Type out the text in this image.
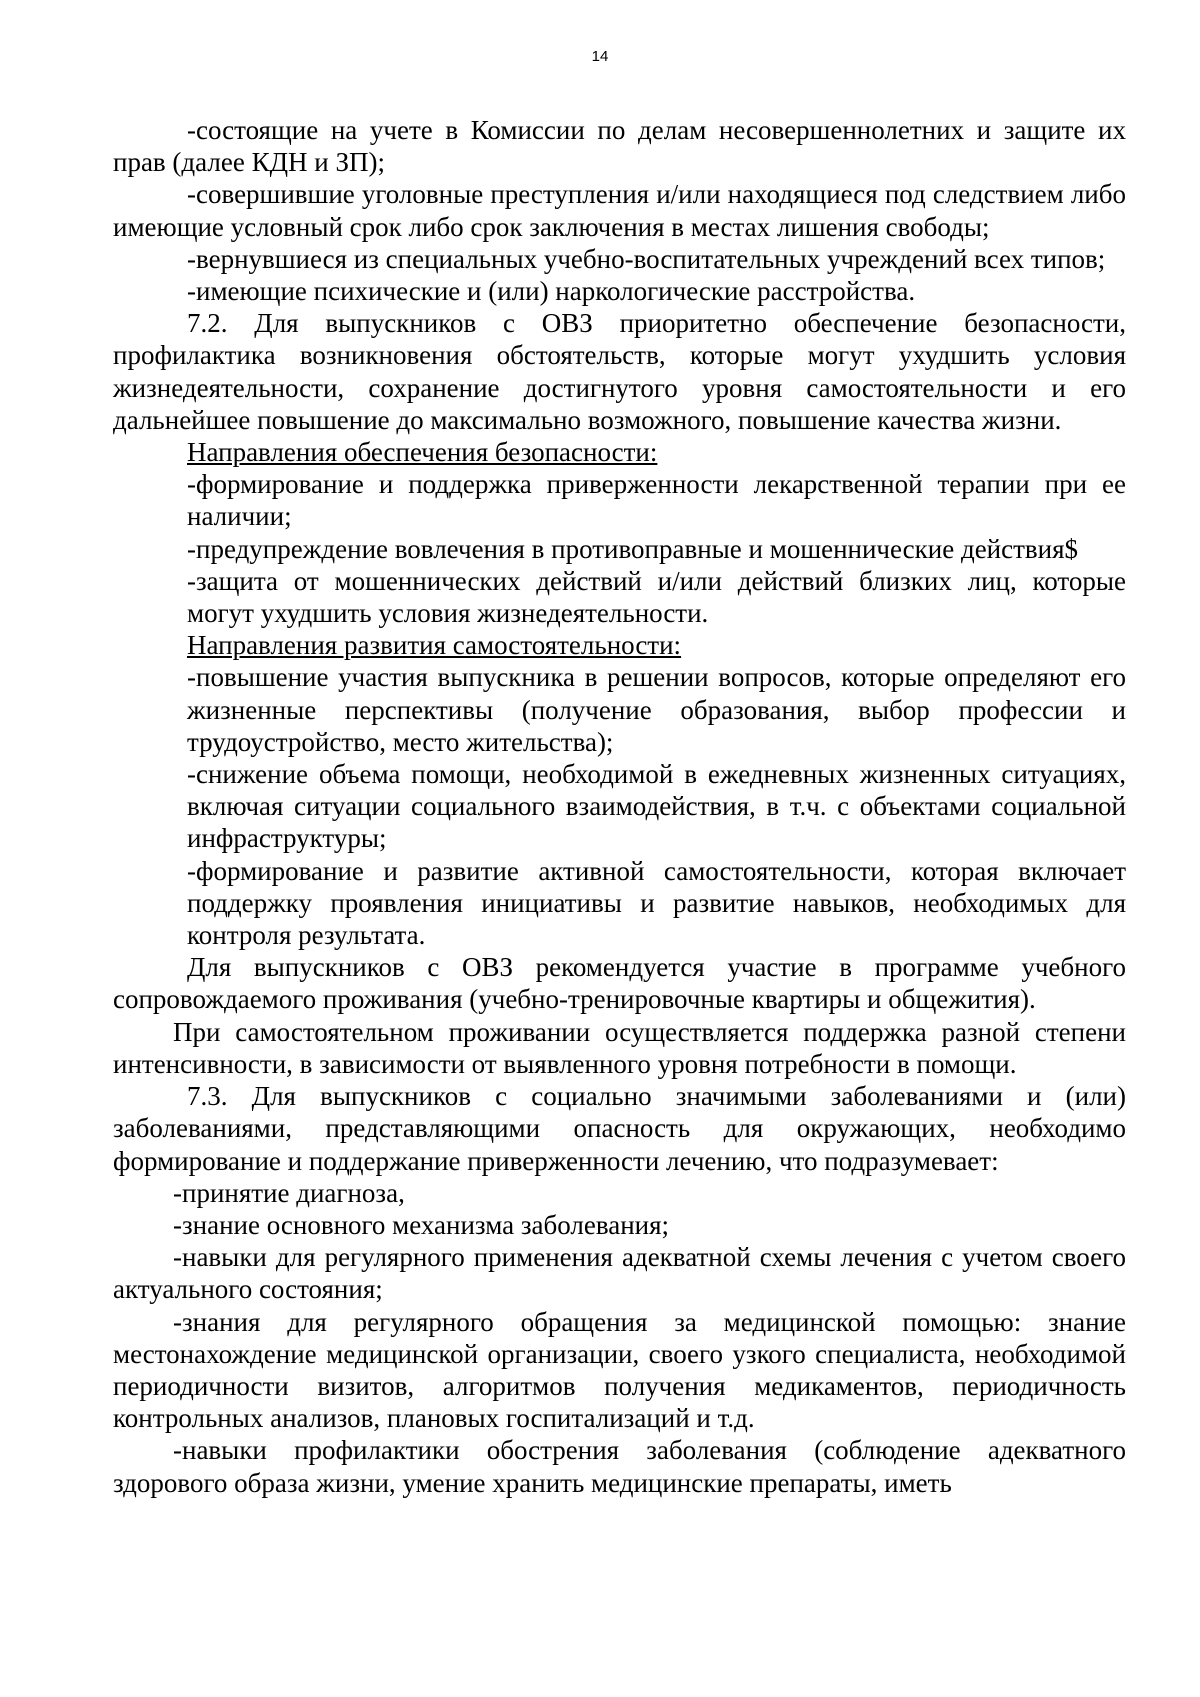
14

-состоящие на учете в Комиссии по делам несовершеннолетних и защите их прав (далее КДН и ЗП);

-совершившие уголовные преступления и/или находящиеся под следствием либо имеющие условный срок либо срок заключения в местах лишения свободы;

-вернувшиеся из специальных учебно-воспитательных учреждений всех типов;

-имеющие психические и (или) наркологические расстройства.

7.2. Для выпускников с ОВЗ приоритетно обеспечение безопасности, профилактика возникновения обстоятельств, которые могут ухудшить условия жизнедеятельности, сохранение достигнутого уровня самостоятельности и его дальнейшее повышение до максимально возможного, повышение качества жизни.

Направления обеспечения безопасности:

-формирование и поддержка приверженности лекарственной терапии при ее наличии;

-предупреждение вовлечения в противоправные и мошеннические действия$

-защита от мошеннических действий и/или действий близких лиц, которые могут ухудшить условия жизнедеятельности.

Направления развития самостоятельности:

-повышение участия выпускника в решении вопросов, которые определяют его жизненные перспективы (получение образования, выбор профессии и трудоустройство, место жительства);

-снижение объема помощи, необходимой в ежедневных жизненных ситуациях, включая ситуации социального взаимодействия, в т.ч. с объектами социальной инфраструктуры;

-формирование и развитие активной самостоятельности, которая включает поддержку проявления инициативы и развитие навыков, необходимых для контроля результата.

Для выпускников с ОВЗ рекомендуется участие в программе учебного сопровождаемого проживания (учебно-тренировочные квартиры и общежития).

При самостоятельном проживании осуществляется поддержка разной степени интенсивности, в зависимости от выявленного уровня потребности в помощи.

7.3. Для выпускников с социально значимыми заболеваниями и (или) заболеваниями, представляющими опасность для окружающих, необходимо формирование и поддержание приверженности лечению, что подразумевает:

-принятие диагноза,

-знание основного механизма заболевания;

-навыки для регулярного применения адекватной схемы лечения с учетом своего актуального состояния;

-знания для регулярного обращения за медицинской помощью: знание местонахождение медицинской организации, своего узкого специалиста, необходимой периодичности визитов, алгоритмов получения медикаментов, периодичность контрольных анализов, плановых госпитализаций и т.д.

-навыки профилактики обострения заболевания (соблюдение адекватного здорового образа жизни, умение хранить медицинские препараты, иметь
